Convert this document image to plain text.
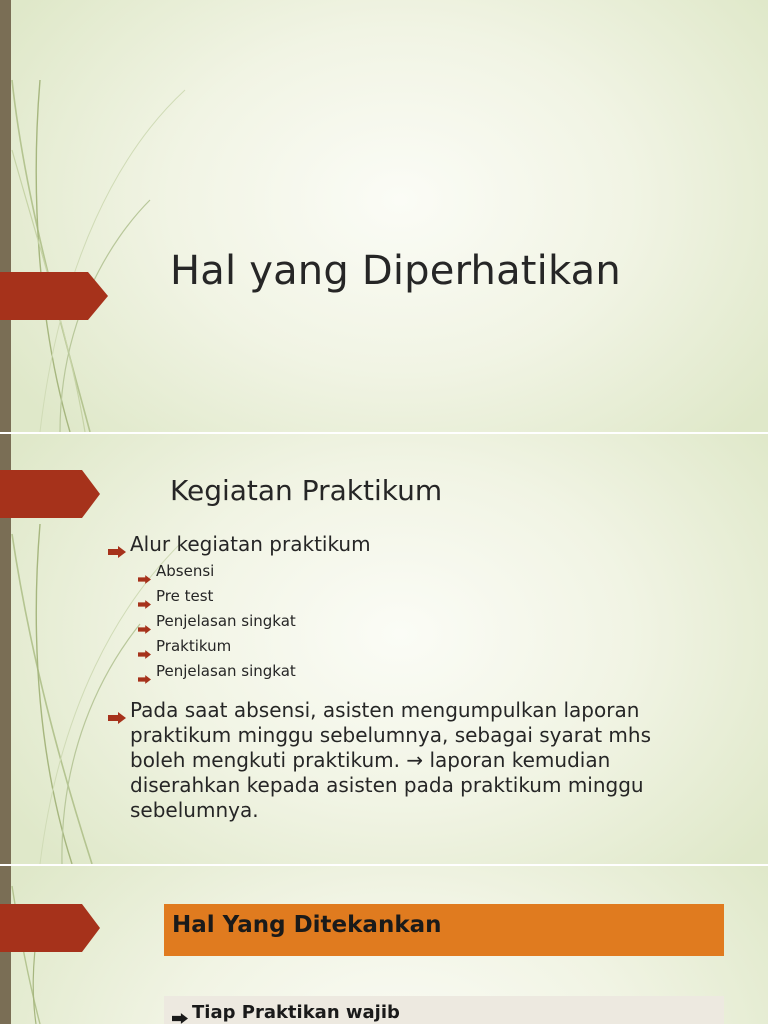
Hal yang Diperhatikan
Kegiatan Praktikum
Alur kegiatan praktikum
Absensi
Pre test
Penjelasan singkat
Praktikum
Penjelasan singkat
Pada saat absensi, asisten mengumpulkan laporan
praktikum minggu sebelumnya, sebagai syarat mhs
boleh mengkuti praktikum. → laporan kemudian
diserahkan kepada asisten pada praktikum minggu
sebelumnya.
Hal Yang Ditekankan
Tiap Praktikan wajib
